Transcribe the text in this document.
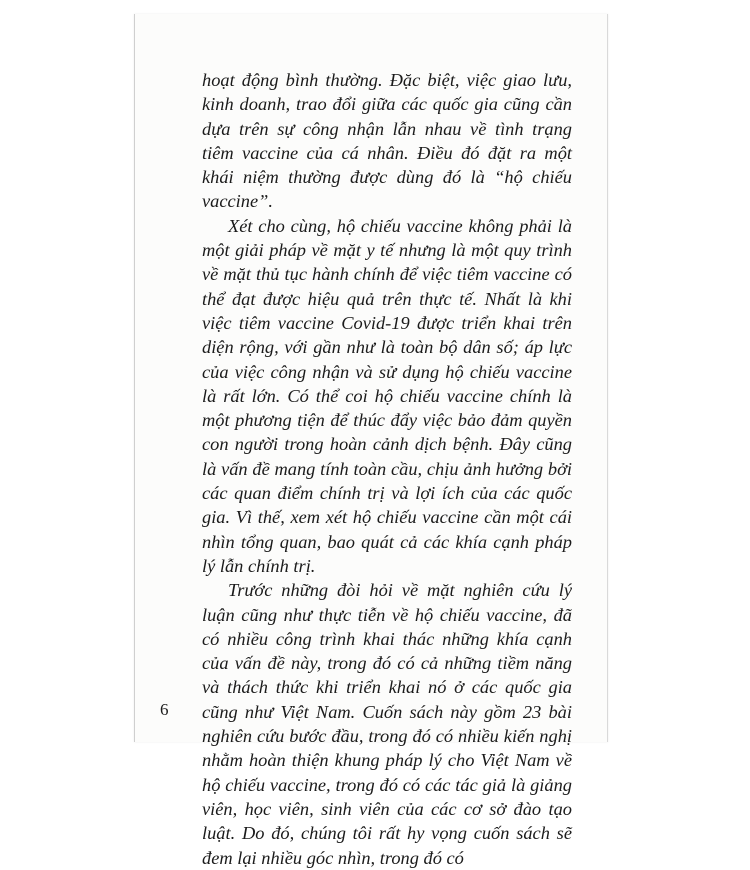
hoạt động bình thường. Đặc biệt, việc giao lưu, kinh doanh, trao đổi giữa các quốc gia cũng cần dựa trên sự công nhận lẫn nhau về tình trạng tiêm vaccine của cá nhân. Điều đó đặt ra một khái niệm thường được dùng đó là “hộ chiếu vaccine”.

Xét cho cùng, hộ chiếu vaccine không phải là một giải pháp về mặt y tế nhưng là một quy trình về mặt thủ tục hành chính để việc tiêm vaccine có thể đạt được hiệu quả trên thực tế. Nhất là khi việc tiêm vaccine Covid-19 được triển khai trên diện rộng, với gần như là toàn bộ dân số; áp lực của việc công nhận và sử dụng hộ chiếu vaccine là rất lớn. Có thể coi hộ chiếu vaccine chính là một phương tiện để thúc đẩy việc bảo đảm quyền con người trong hoàn cảnh dịch bệnh. Đây cũng là vấn đề mang tính toàn cầu, chịu ảnh hưởng bởi các quan điểm chính trị và lợi ích của các quốc gia. Vì thế, xem xét hộ chiếu vaccine cần một cái nhìn tổng quan, bao quát cả các khía cạnh pháp lý lẫn chính trị.

Trước những đòi hỏi về mặt nghiên cứu lý luận cũng như thực tiễn về hộ chiếu vaccine, đã có nhiều công trình khai thác những khía cạnh của vấn đề này, trong đó có cả những tiềm năng và thách thức khi triển khai nó ở các quốc gia cũng như Việt Nam. Cuốn sách này gồm 23 bài nghiên cứu bước đầu, trong đó có nhiều kiến nghị nhằm hoàn thiện khung pháp lý cho Việt Nam về hộ chiếu vaccine, trong đó có các tác giả là giảng viên, học viên, sinh viên của các cơ sở đào tạo luật. Do đó, chúng tôi rất hy vọng cuốn sách sẽ đem lại nhiều góc nhìn, trong đó có

6
